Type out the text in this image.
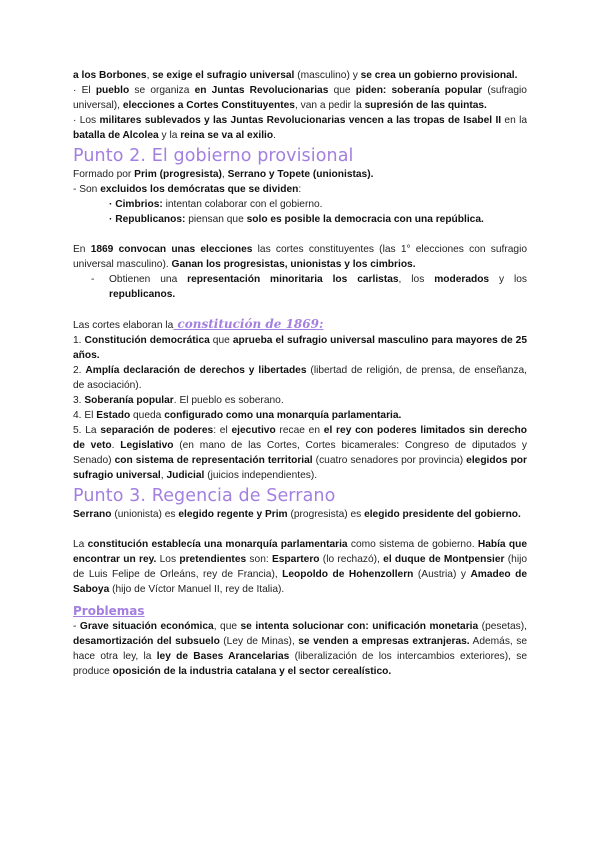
a los Borbones, se exige el sufragio universal (masculino) y se crea un gobierno provisional.

· El pueblo se organiza en Juntas Revolucionarias que piden: soberanía popular (sufragio universal), elecciones a Cortes Constituyentes, van a pedir la supresión de las quintas.

· Los militares sublevados y las Juntas Revolucionarias vencen a las tropas de Isabel II en la batalla de Alcolea y la reina se va al exilio.

Punto 2. El gobierno provisional

Formado por Prim (progresista), Serrano y Topete (unionistas).

- Son excluidos los demócratas que se dividen:

· Cimbrios: intentan colaborar con el gobierno.

· Republicanos: piensan que solo es posible la democracia con una república.

En 1869 convocan unas elecciones las cortes constituyentes (las 1° elecciones con sufragio universal masculino). Ganan los progresistas, unionistas y los cimbrios.

- Obtienen una representación minoritaria los carlistas, los moderados y los republicanos.

Las cortes elaboran la constitución de 1869:

1. Constitución democrática que aprueba el sufragio universal masculino para mayores de 25 años.

2. Amplía declaración de derechos y libertades (libertad de religión, de prensa, de enseñanza, de asociación).

3. Soberanía popular. El pueblo es soberano.

4. El Estado queda configurado como una monarquía parlamentaria.

5. La separación de poderes: el ejecutivo recae en el rey con poderes limitados sin derecho de veto. Legislativo (en mano de las Cortes, Cortes bicamerales: Congreso de diputados y Senado) con sistema de representación territorial (cuatro senadores por provincia) elegidos por sufragio universal, Judicial (juicios independientes).

Punto 3. Regencia de Serrano

Serrano (unionista) es elegido regente y Prim (progresista) es elegido presidente del gobierno.

La constitución establecía una monarquía parlamentaria como sistema de gobierno. Había que encontrar un rey. Los pretendientes son: Espartero (lo rechazó), el duque de Montpensier (hijo de Luis Felipe de Orleáns, rey de Francia), Leopoldo de Hohenzollern (Austria) y Amadeo de Saboya (hijo de Víctor Manuel II, rey de Italia).

Problemas

- Grave situación económica, que se intenta solucionar con: unificación monetaria (pesetas), desamortización del subsuelo (Ley de Minas), se venden a empresas extranjeras. Además, se hace otra ley, la ley de Bases Arancelarias (liberalización de los intercambios exteriores), se produce oposición de la industria catalana y el sector cerealístico.
